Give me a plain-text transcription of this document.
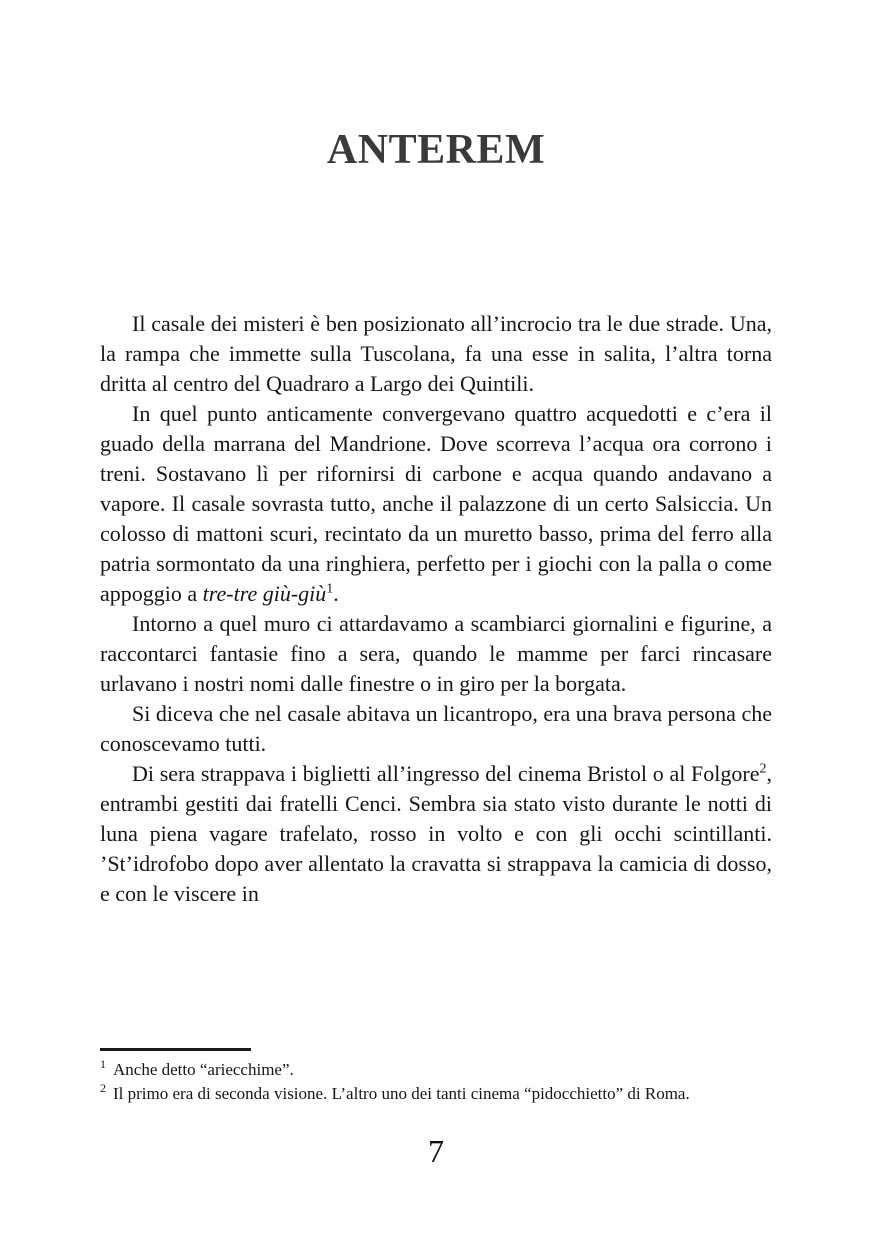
ANTEREM

Il casale dei misteri è ben posizionato all’incrocio tra le due strade. Una, la rampa che immette sulla Tuscolana, fa una esse in salita, l’altra torna dritta al centro del Quadraro a Largo dei Quintili.

In quel punto anticamente convergevano quattro acquedotti e c’era il guado della marrana del Mandrione. Dove scorreva l’acqua ora corrono i treni. Sostavano lì per rifornirsi di carbone e acqua quando andavano a vapore. Il casale sovrasta tutto, anche il palazzone di un certo Salsiccia. Un colosso di mattoni scuri, recintato da un muretto basso, prima del ferro alla patria sormontato da una ringhiera, perfetto per i giochi con la palla o come appoggio a tre-tre giù-giù$^1$.

Intorno a quel muro ci attardavamo a scambiarci giornalini e figurine, a raccontarci fantasie fino a sera, quando le mamme per farci rincasare urlavano i nostri nomi dalle finestre o in giro per la borgata.

Si diceva che nel casale abitava un licantropo, era una brava persona che conoscevamo tutti.

Di sera strappava i biglietti all’ingresso del cinema Bristol o al Folgore$^2$, entrambi gestiti dai fratelli Cenci. Sembra sia stato visto durante le notti di luna piena vagare trafelato, rosso in volto e con gli occhi scintillanti. ’St’idrofobo dopo aver allentato la cravatta si strappava la camicia di dosso, e con le viscere in

$^1$ Anche detto “ariecchime”.

$^2$ Il primo era di seconda visione. L’altro uno dei tanti cinema “pidocchietto” di Roma.

7
